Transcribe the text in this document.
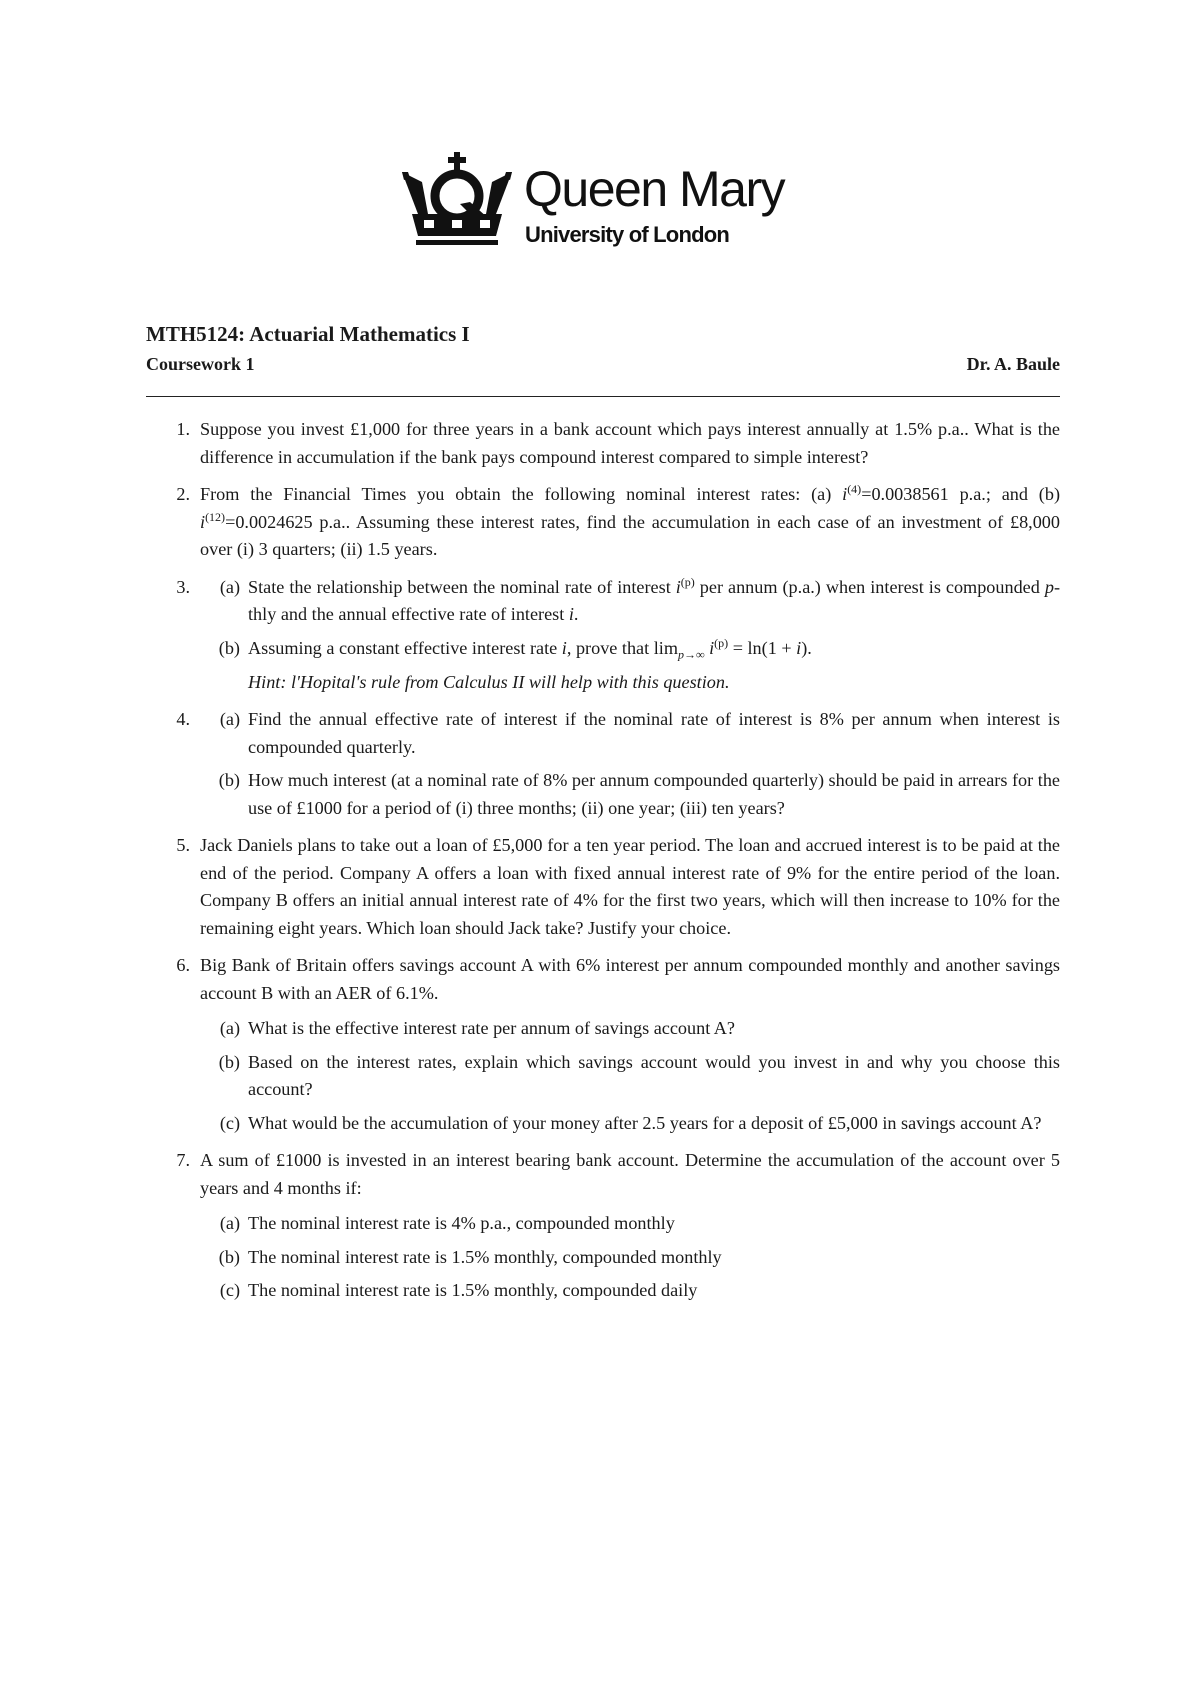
Queen Mary
University of London
MTH5124: Actuarial Mathematics I
Coursework 1	Dr. A. Baule
1. Suppose you invest £1,000 for three years in a bank account which pays interest annually at 1.5% p.a.. What is the difference in accumulation if the bank pays compound interest compared to simple interest?
2. From the Financial Times you obtain the following nominal interest rates: (a) $i^{(4)}=0.0038561$ p.a.; and (b) $i^{(12)}=0.0024625$ p.a.. Assuming these interest rates, find the accumulation in each case of an investment of £8,000 over (i) 3 quarters; (ii) 1.5 years.
3.	(a) State the relationship between the nominal rate of interest $i^{(p)}$ per annum (p.a.) when interest is compounded p-thly and the annual effective rate of interest i.
(b) Assuming a constant effective interest rate i, prove that $\lim_{p\to\infty} i^{(p)} = \ln(1 + i)$.
Hint: l'Hopital's rule from Calculus II will help with this question.
4.	(a) Find the annual effective rate of interest if the nominal rate of interest is 8% per annum when interest is compounded quarterly.
(b) How much interest (at a nominal rate of 8% per annum compounded quarterly) should be paid in arrears for the use of £1000 for a period of (i) three months; (ii) one year; (iii) ten years?
5. Jack Daniels plans to take out a loan of £5,000 for a ten year period. The loan and accrued interest is to be paid at the end of the period. Company A offers a loan with fixed annual interest rate of 9% for the entire period of the loan. Company B offers an initial annual interest rate of 4% for the first two years, which will then increase to 10% for the remaining eight years. Which loan should Jack take? Justify your choice.
6. Big Bank of Britain offers savings account A with 6% interest per annum compounded monthly and another savings account B with an AER of 6.1%.
(a) What is the effective interest rate per annum of savings account A?
(b) Based on the interest rates, explain which savings account would you invest in and why you choose this account?
(c) What would be the accumulation of your money after 2.5 years for a deposit of £5,000 in savings account A?
7. A sum of £1000 is invested in an interest bearing bank account. Determine the accumulation of the account over 5 years and 4 months if:
(a) The nominal interest rate is 4% p.a., compounded monthly
(b) The nominal interest rate is 1.5% monthly, compounded monthly
(c) The nominal interest rate is 1.5% monthly, compounded daily
